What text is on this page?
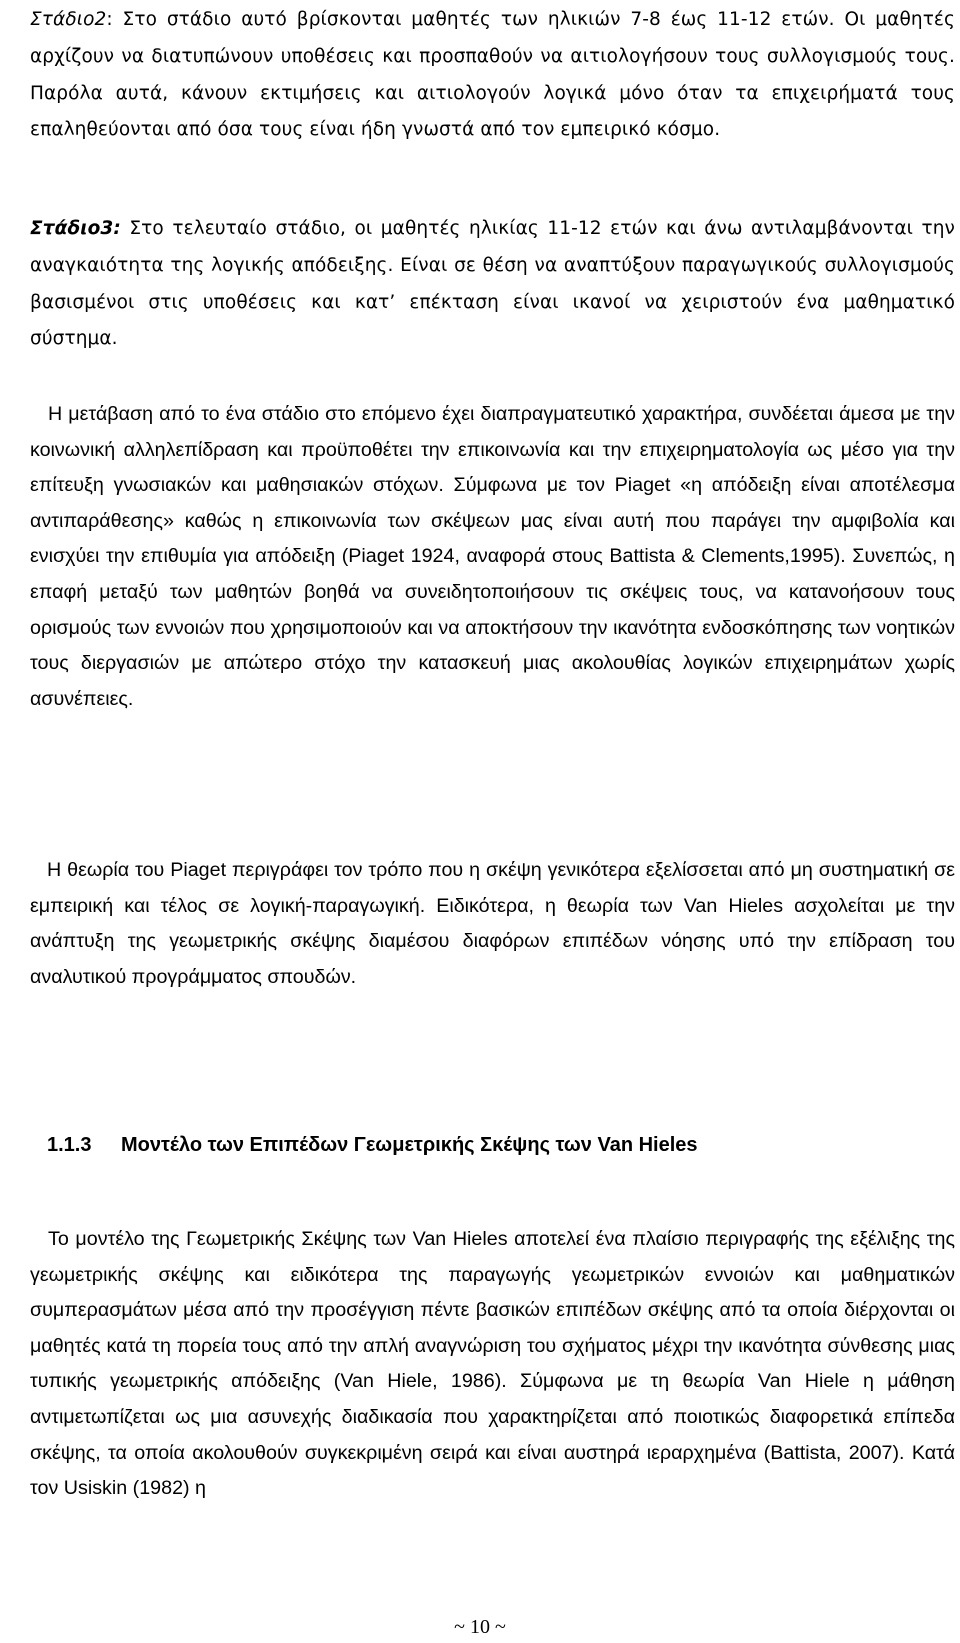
Στάδιο2: Στο στάδιο αυτό βρίσκονται μαθητές των ηλικιών 7-8 έως 11-12 ετών. Οι μαθητές αρχίζουν να διατυπώνουν υποθέσεις και προσπαθούν να αιτιολογήσουν τους συλλογισμούς τους. Παρόλα αυτά, κάνουν εκτιμήσεις και αιτιολογούν λογικά μόνο όταν τα επιχειρήματά τους επαληθεύονται από όσα τους είναι ήδη γνωστά από τον εμπειρικό κόσμο.

Στάδιο3: Στο τελευταίο στάδιο, οι μαθητές ηλικίας 11-12 ετών και άνω αντιλαμβάνονται την αναγκαιότητα της λογικής απόδειξης. Είναι σε θέση να αναπτύξουν παραγωγικούς συλλογισμούς βασισμένοι στις υποθέσεις και κατ’ επέκταση είναι ικανοί να χειριστούν ένα μαθηματικό σύστημα.

Η μετάβαση από το ένα στάδιο στο επόμενο έχει διαπραγματευτικό χαρακτήρα, συνδέεται άμεσα με την κοινωνική αλληλεπίδραση και προϋποθέτει την επικοινωνία και την επιχειρηματολογία ως μέσο για την επίτευξη γνωσιακών και μαθησιακών στόχων. Σύμφωνα με τον Piaget «η απόδειξη είναι αποτέλεσμα αντιπαράθεσης» καθώς η επικοινωνία των σκέψεων μας είναι αυτή που παράγει την αμφιβολία και ενισχύει την επιθυμία για απόδειξη (Piaget 1924, αναφορά στους Battista & Clements,1995). Συνεπώς, η επαφή μεταξύ των μαθητών βοηθά να συνειδητοποιήσουν τις σκέψεις τους, να κατανοήσουν τους ορισμούς των εννοιών που χρησιμοποιούν και να αποκτήσουν την ικανότητα ενδοσκόπησης των νοητικών τους διεργασιών με απώτερο στόχο την κατασκευή μιας ακολουθίας λογικών επιχειρημάτων χωρίς ασυνέπειες.

Η θεωρία του Piaget περιγράφει τον τρόπο που η σκέψη γενικότερα εξελίσσεται από μη συστηματική σε εμπειρική και τέλος σε λογική-παραγωγική. Ειδικότερα, η θεωρία των Van Hieles ασχολείται με την ανάπτυξη της γεωμετρικής σκέψης διαμέσου διαφόρων επιπέδων νόησης υπό την επίδραση του αναλυτικού προγράμματος σπουδών.

1.1.3 Μοντέλο των Επιπέδων Γεωμετρικής Σκέψης των Van Hieles

Το μοντέλο της Γεωμετρικής Σκέψης των Van Hieles αποτελεί ένα πλαίσιο περιγραφής της εξέλιξης της γεωμετρικής σκέψης και ειδικότερα της παραγωγής γεωμετρικών εννοιών και μαθηματικών συμπερασμάτων μέσα από την προσέγγιση πέντε βασικών επιπέδων σκέψης από τα οποία διέρχονται οι μαθητές κατά τη πορεία τους από την απλή αναγνώριση του σχήματος μέχρι την ικανότητα σύνθεσης μιας τυπικής γεωμετρικής απόδειξης (Van Hiele, 1986). Σύμφωνα με τη θεωρία Van Hiele η μάθηση αντιμετωπίζεται ως μια ασυνεχής διαδικασία που χαρακτηρίζεται από ποιοτικώς διαφορετικά επίπεδα σκέψης, τα οποία ακολουθούν συγκεκριμένη σειρά και είναι αυστηρά ιεραρχημένα (Battista, 2007). Κατά τον Usiskin (1982) η

~ 10 ~
